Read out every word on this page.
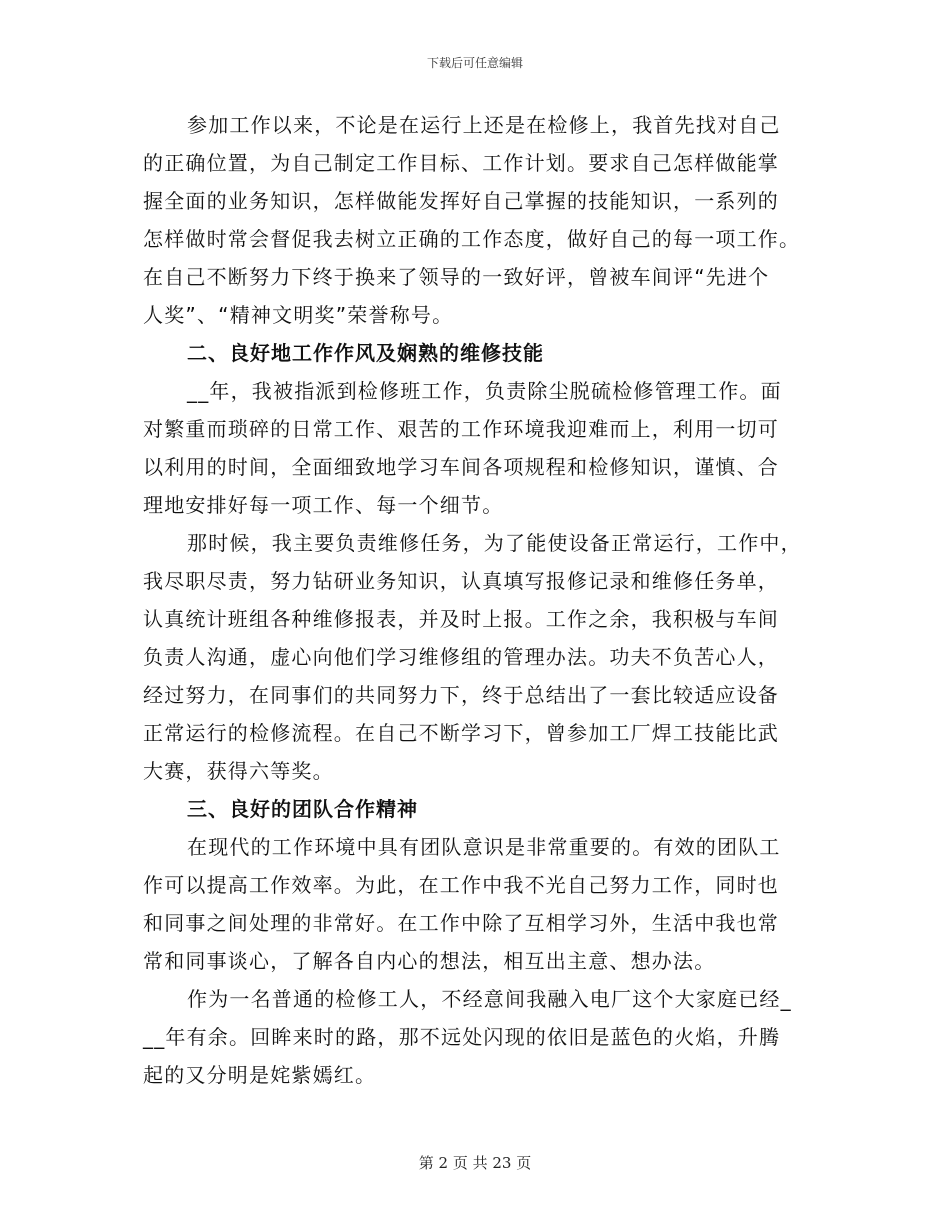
下载后可任意编辑
参加工作以来，不论是在运行上还是在检修上，我首先找对自己
的正确位置，为自己制定工作目标、工作计划。要求自己怎样做能掌
握全面的业务知识，怎样做能发挥好自己掌握的技能知识，一系列的
怎样做时常会督促我去树立正确的工作态度，做好自己的每一项工作。
在自己不断努力下终于换来了领导的一致好评，曾被车间评“先进个
人奖”、“精神文明奖”荣誉称号。
二、良好地工作作风及娴熟的维修技能
__年，我被指派到检修班工作，负责除尘脱硫检修管理工作。面
对繁重而琐碎的日常工作、艰苦的工作环境我迎难而上，利用一切可
以利用的时间，全面细致地学习车间各项规程和检修知识，谨慎、合
理地安排好每一项工作、每一个细节。
那时候，我主要负责维修任务，为了能使设备正常运行，工作中，
我尽职尽责，努力钻研业务知识，认真填写报修记录和维修任务单，
认真统计班组各种维修报表，并及时上报。工作之余，我积极与车间
负责人沟通，虚心向他们学习维修组的管理办法。功夫不负苦心人，
经过努力，在同事们的共同努力下，终于总结出了一套比较适应设备
正常运行的检修流程。在自己不断学习下，曾参加工厂焊工技能比武
大赛，获得六等奖。
三、良好的团队合作精神
在现代的工作环境中具有团队意识是非常重要的。有效的团队工
作可以提高工作效率。为此，在工作中我不光自己努力工作，同时也
和同事之间处理的非常好。在工作中除了互相学习外，生活中我也常
常和同事谈心，了解各自内心的想法，相互出主意、想办法。
作为一名普通的检修工人，不经意间我融入电厂这个大家庭已经_
__年有余。回眸来时的路，那不远处闪现的依旧是蓝色的火焰，升腾
起的又分明是姹紫嫣红。
第 2 页 共 23 页
